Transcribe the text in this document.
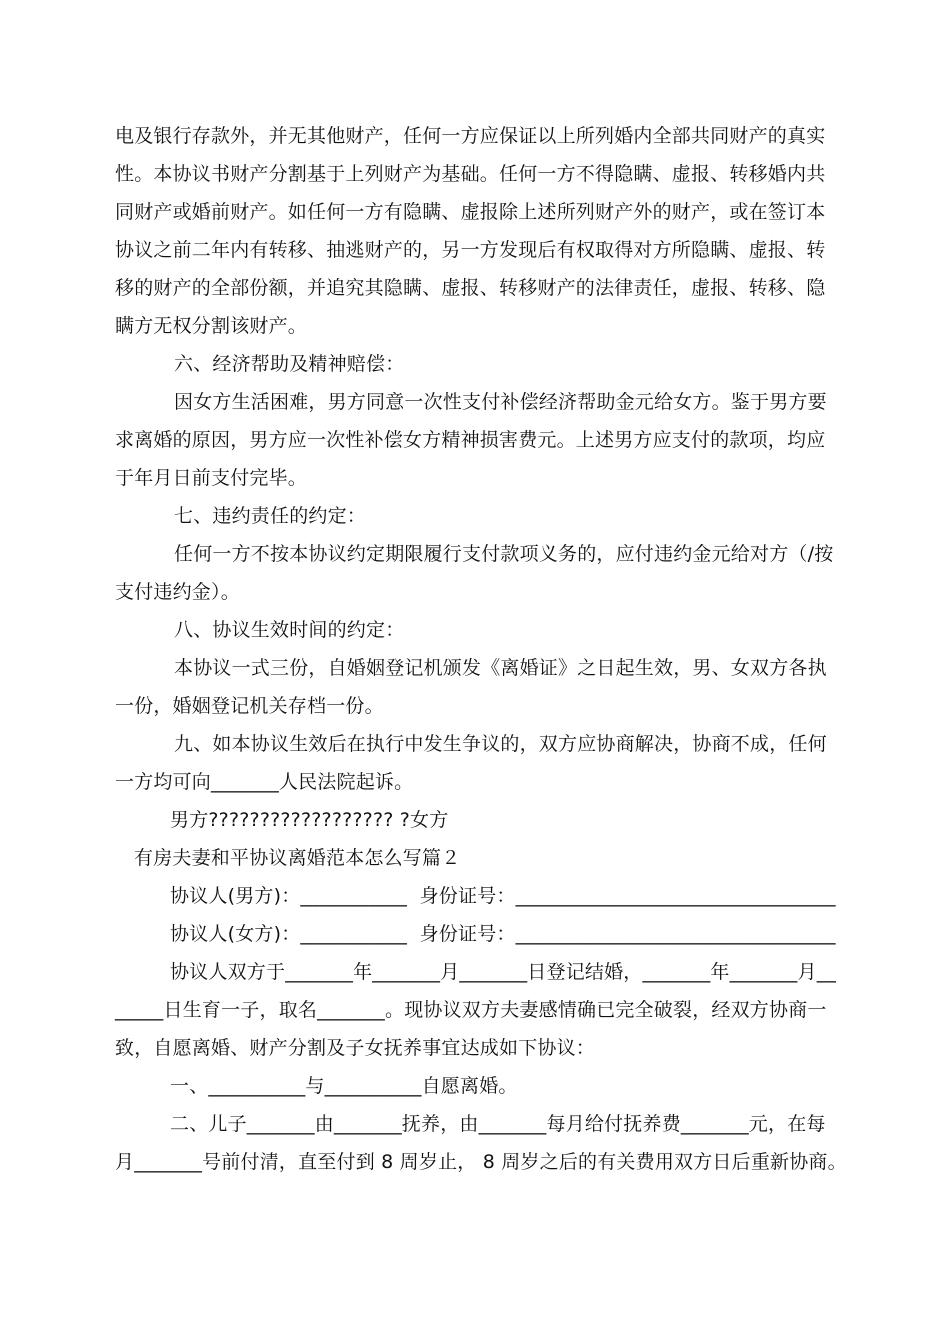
电及银行存款外，并无其他财产，任何一方应保证以上所列婚内全部共同财产的真实
性。本协议书财产分割基于上列财产为基础。任何一方不得隐瞒、虚报、转移婚内共
同财产或婚前财产。如任何一方有隐瞒、虚报除上述所列财产外的财产，或在签订本
协议之前二年内有转移、抽逃财产的，另一方发现后有权取得对方所隐瞒、虚报、转
移的财产的全部份额，并追究其隐瞒、虚报、转移财产的法律责任，虚报、转移、隐
瞒方无权分割该财产。
六、经济帮助及精神赔偿：
因女方生活困难，男方同意一次性支付补偿经济帮助金元给女方。鉴于男方要
求离婚的原因，男方应一次性补偿女方精神损害费元。上述男方应支付的款项，均应
于年月日前支付完毕。
七、违约责任的约定：
任何一方不按本协议约定期限履行支付款项义务的，应付违约金元给对方（/按
支付违约金）。
八、协议生效时间的约定：
本协议一式三份，自婚姻登记机颁发《离婚证》之日起生效，男、女双方各执
一份，婚姻登记机关存档一份。
九、如本协议生效后在执行中发生争议的，双方应协商解决，协商不成，任何
一方均可向_______人民法院起诉。
男方?????????????????? ?女方
有房夫妻和平协议离婚范本怎么写篇２
协议人(男方)：___________  身份证号：_________________________________
协议人(女方)：___________  身份证号：_________________________________
协议人双方于_______年_______月_______日登记结婚，_______年_______月__
_____日生育一子，取名_______。现协议双方夫妻感情确已完全破裂，经双方协商一
致，自愿离婚、财产分割及子女抚养事宜达成如下协议：
一、__________与__________自愿离婚。
二、儿子_______由_______抚养，由_______每月给付抚养费_______元，在每
月_______号前付清，直至付到 8 周岁止， 8 周岁之后的有关费用双方日后重新协商。
